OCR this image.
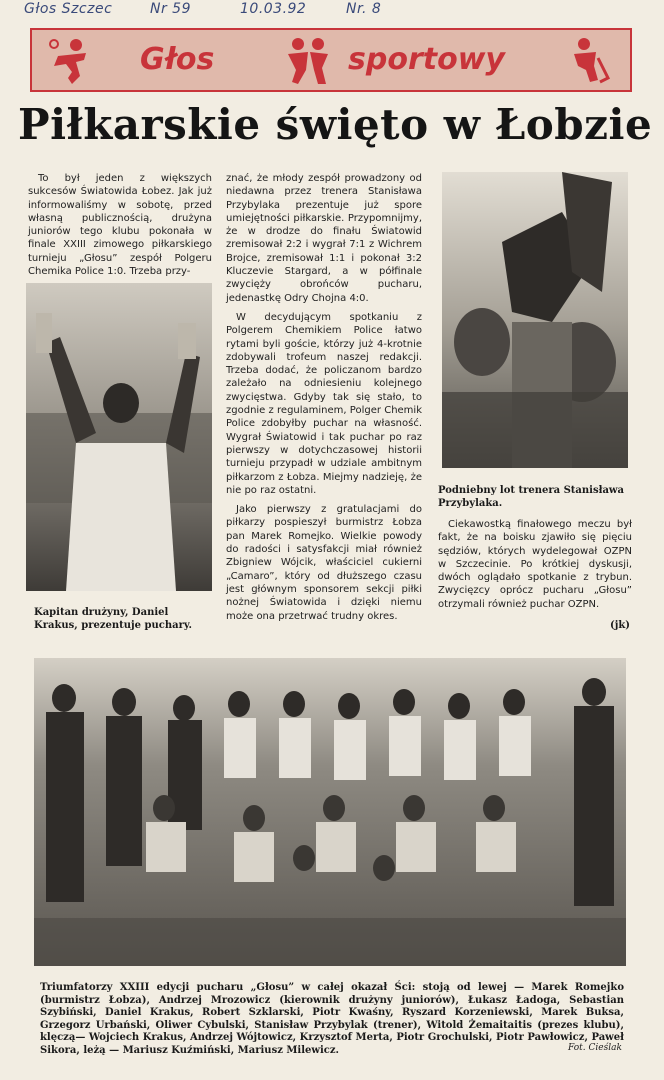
Głos Szczec	Nr 59	10.03.92	Nr. 8
Głos	sportowy
Piłkarskie święto w Łobzie

To był jeden z większych sukcesów Światowida Łobez. Jak już informowaliśmy w sobotę, przed własną publicznością, drużyna juniorów tego klubu pokonała w finale XXIII zimowego piłkarskiego turnieju „Głosu” zespół Polgeru Chemika Police 1:0. Trzeba przy-

Kapitan drużyny, Daniel Krakus, prezentuje puchary.

znać, że młody zespół prowadzony od niedawna przez trenera Stanisława Przybylaka prezentuje już spore umiejętności piłkarskie. Przypomnijmy, że w drodze do finału Światowid zremisował 2:2 i wygrał 7:1 z Wichrem Brojce, zremisował 1:1 i pokonał 3:2 Kluczevie Stargard, a w półfinale zwycięży obrońców pucharu, jedenastkę Odry Chojna 4:0.

W decydującym spotkaniu z Polgerem Chemikiem Police łatwo rytami byli goście, którzy już 4-krotnie zdobywali trofeum naszej redakcji. Trzeba dodać, że policzanom bardzo zależało na odniesieniu kolejnego zwycięstwa. Gdyby tak się stało, to zgodnie z regulaminem, Polger Chemik Police zdobyłby puchar na własność. Wygrał Światowid i tak puchar po raz pierwszy w dotychczasowej historii turnieju przypadł w udziale ambitnym piłkarzom z Łobza. Miejmy nadzieję, że nie po raz ostatni.

Jako pierwszy z gratulacjami do piłkarzy pospieszył burmistrz Łobza pan Marek Romejko. Wielkie powody do radości i satysfakcji miał również Zbigniew Wójcik, właściciel cukierni „Camaro”, który od dłuższego czasu jest głównym sponsorem sekcji piłki nożnej Światowida i dzięki niemu może ona przetrwać trudny okres.

Podniebny lot trenera Stanisława Przybylaka.

Ciekawostką finałowego meczu był fakt, że na boisku zjawiło się pięciu sędziów, których wydelegował OZPN w Szczecinie. Po krótkiej dyskusji, dwóch oglądało spotkanie z trybun. Zwycięzcy oprócz pucharu „Głosu” otrzymali również puchar OZPN.

(jk)
Triumfatorzy XXIII edycji pucharu „Głosu” w całej okazał Ści: stoją od lewej — Marek Romejko (burmistrz Łobza), Andrzej Mrozowicz (kierownik drużyny juniorów), Łukasz Ładoga, Sebastian Szybiński, Daniel Krakus, Robert Szklarski, Piotr Kwaśny, Ryszard Korzeniewski, Marek Buksa, Grzegorz Urbański, Oliwer Cybulski, Stanisław Przybylak (trener), Witold Żemaitaitis (prezes klubu), klęczą— Wojciech Krakus, Andrzej Wójtowicz, Krzysztof Merta, Piotr Grochulski, Piotr Pawłowicz, Paweł Sikora, leżą — Mariusz Kuźmiński, Mariusz Milewicz.	Fot. Cieślak
